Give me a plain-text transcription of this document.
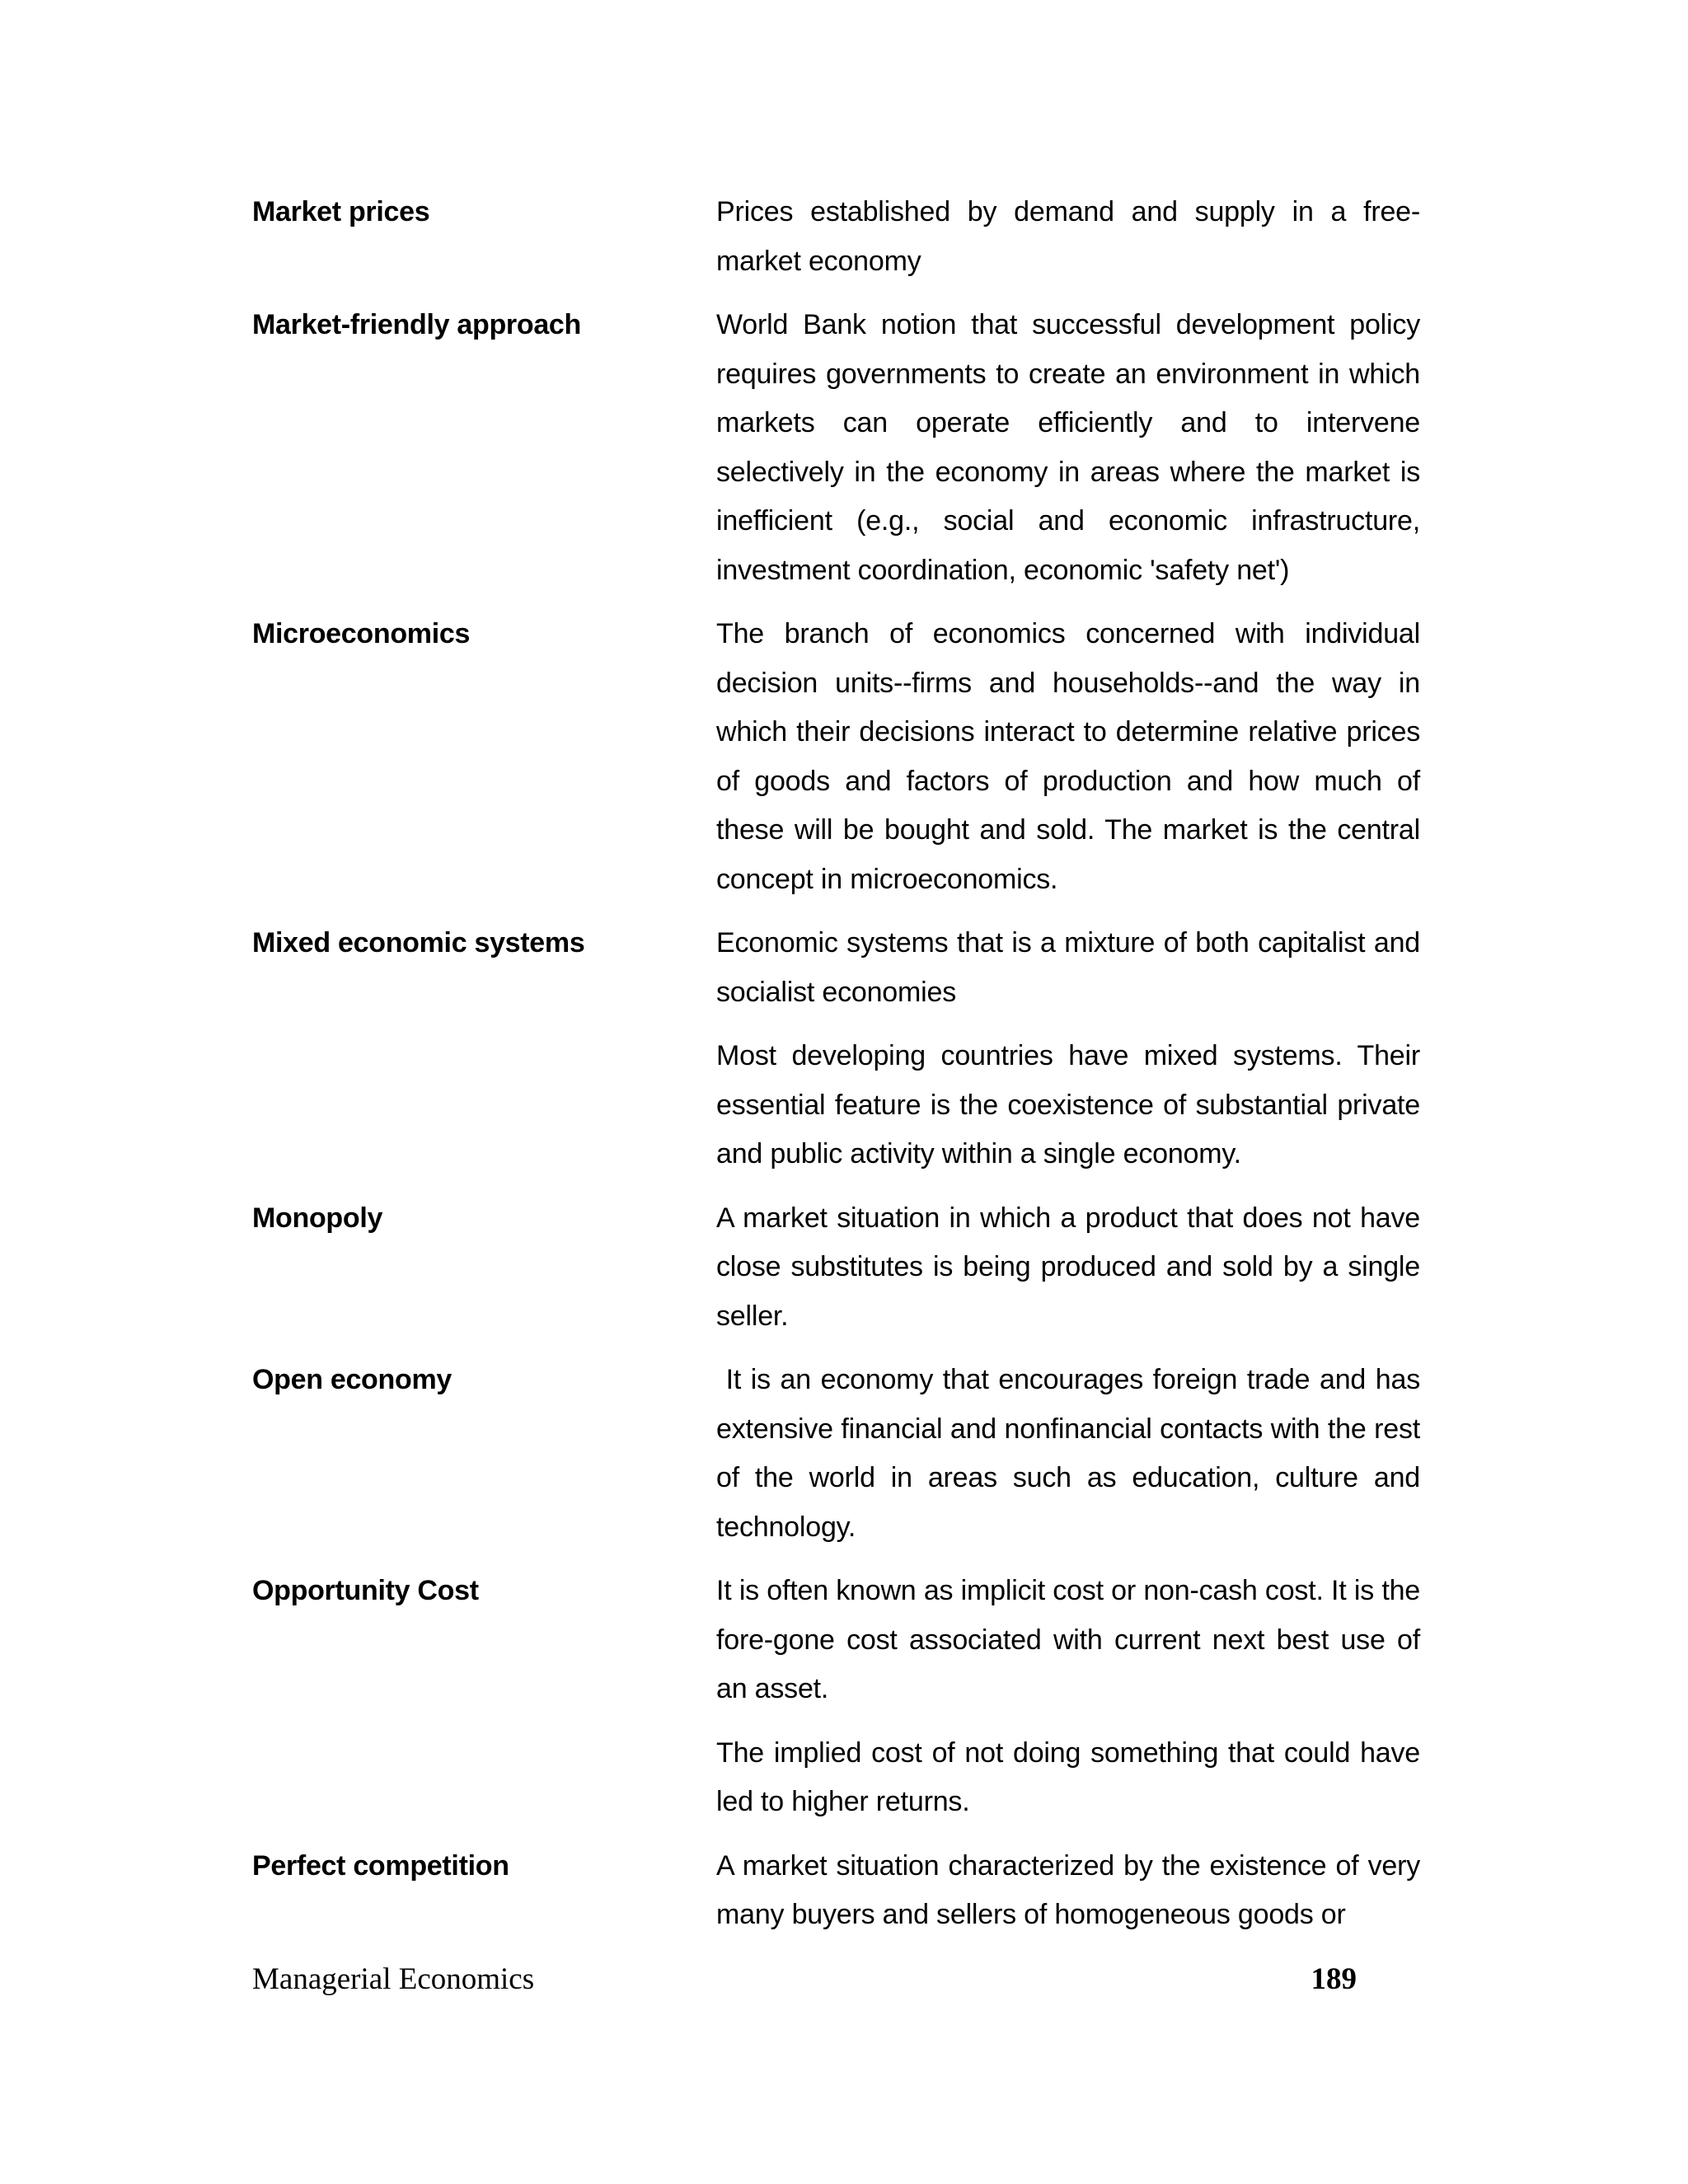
Market prices	Prices established by demand and supply in a free-market economy

Market-friendly approach	World Bank notion that successful development policy requires governments to create an environment in which markets can operate efficiently and to intervene selectively in the economy in areas where the market is inefficient (e.g., social and economic infrastructure, investment coordination, economic 'safety net')

Microeconomics	The branch of economics concerned with individual decision units--firms and households--and the way in which their decisions interact to determine relative prices of goods and factors of production and how much of these will be bought and sold. The market is the central concept in microeconomics.

Mixed economic systems	Economic systems that is a mixture of both capitalist and socialist economies

Most developing countries have mixed systems. Their essential feature is the coexistence of substantial private and public activity within a single economy.

Monopoly	A market situation in which a product that does not have close substitutes is being produced and sold by a single seller.

Open economy	It is an economy that encourages foreign trade and has extensive financial and nonfinancial contacts with the rest of the world in areas such as education, culture and technology.

Opportunity Cost	It is often known as implicit cost or non-cash cost. It is the fore-gone cost associated with current next best use of an asset.

The implied cost of not doing something that could have led to higher returns.

Perfect competition	A market situation characterized by the existence of very many buyers and sellers of homogeneous goods or

Managerial Economics	189
